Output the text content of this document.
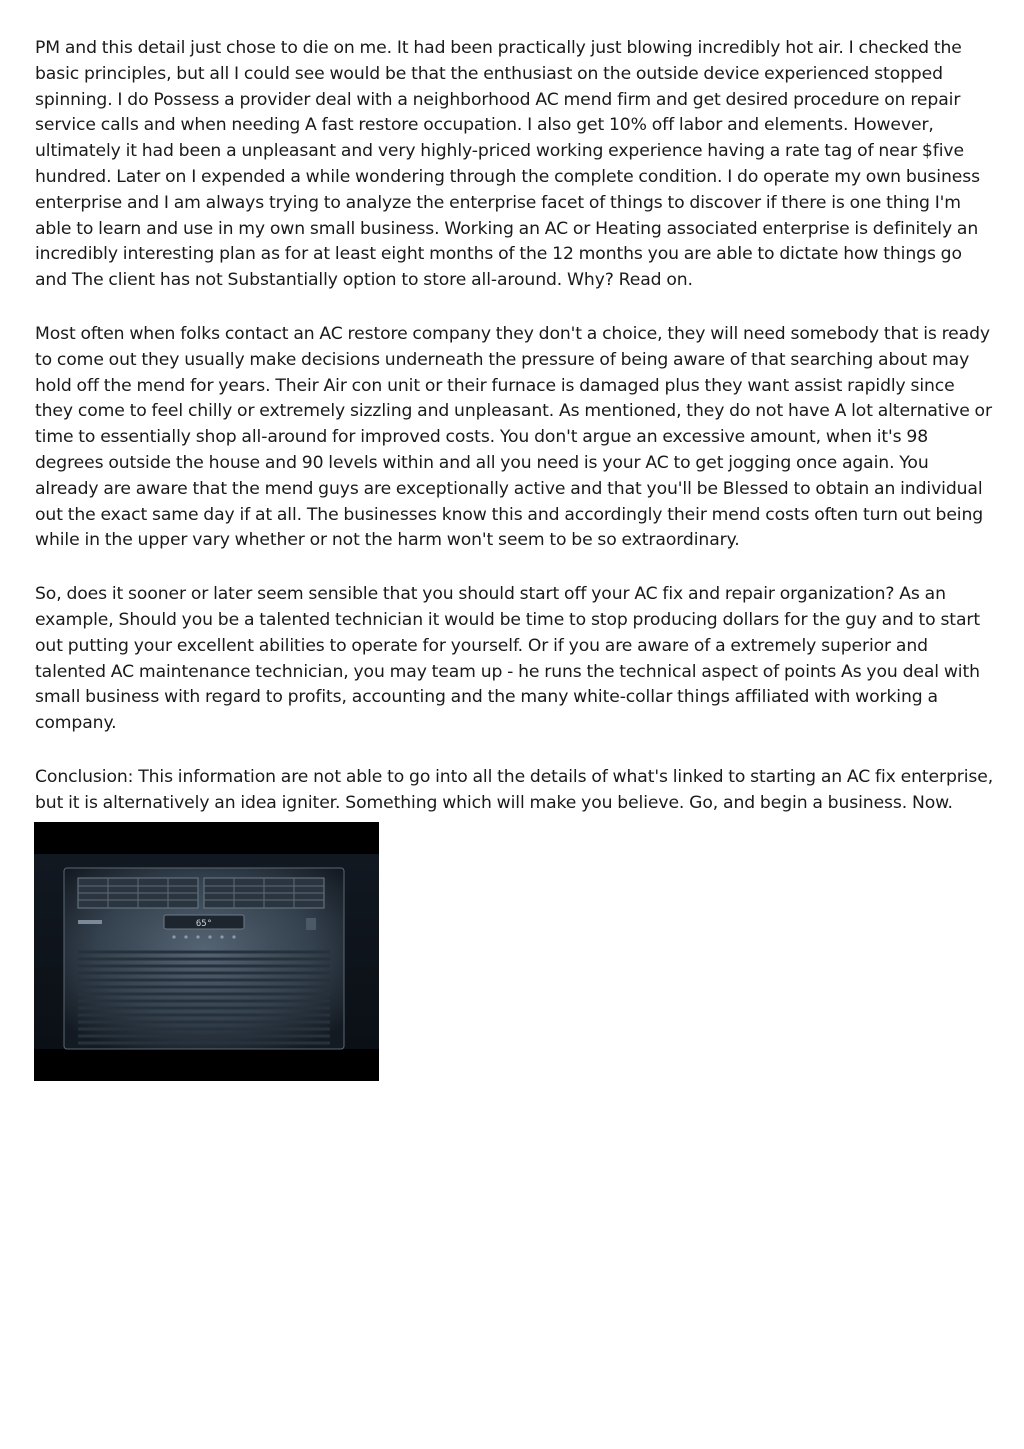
PM and this detail just chose to die on me. It had been practically just blowing incredibly hot air. I checked the basic principles, but all I could see would be that the enthusiast on the outside device experienced stopped spinning. I do Possess a provider deal with a neighborhood AC mend firm and get desired procedure on repair service calls and when needing A fast restore occupation. I also get 10% off labor and elements. However, ultimately it had been a unpleasant and very highly-priced working experience having a rate tag of near $five hundred. Later on I expended a while wondering through the complete condition. I do operate my own business enterprise and I am always trying to analyze the enterprise facet of things to discover if there is one thing I'm able to learn and use in my own small business. Working an AC or Heating associated enterprise is definitely an incredibly interesting plan as for at least eight months of the 12 months you are able to dictate how things go and The client has not Substantially option to store all-around. Why? Read on.

Most often when folks contact an AC restore company they don't a choice, they will need somebody that is ready to come out they usually make decisions underneath the pressure of being aware of that searching about may hold off the mend for years. Their Air con unit or their furnace is damaged plus they want assist rapidly since they come to feel chilly or extremely sizzling and unpleasant. As mentioned, they do not have A lot alternative or time to essentially shop all-around for improved costs. You don't argue an excessive amount, when it's 98 degrees outside the house and 90 levels within and all you need is your AC to get jogging once again. You already are aware that the mend guys are exceptionally active and that you'll be Blessed to obtain an individual out the exact same day if at all. The businesses know this and accordingly their mend costs often turn out being while in the upper vary whether or not the harm won't seem to be so extraordinary.

So, does it sooner or later seem sensible that you should start off your AC fix and repair organization? As an example, Should you be a talented technician it would be time to stop producing dollars for the guy and to start out putting your excellent abilities to operate for yourself. Or if you are aware of a extremely superior and talented AC maintenance technician, you may team up - he runs the technical aspect of points As you deal with small business with regard to profits, accounting and the many white-collar things affiliated with working a company.

Conclusion: This information are not able to go into all the details of what's linked to starting an AC fix enterprise, but it is alternatively an idea igniter. Something which will make you believe. Go, and begin a business. Now.

65°
